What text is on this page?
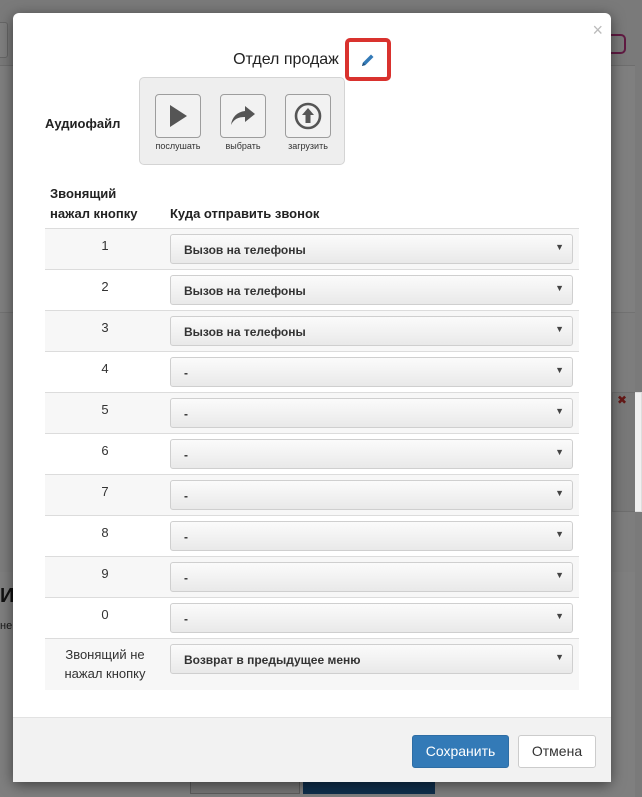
×
Отдел продаж
Аудиофайл
послушать	выбрать	загрузить
Звонящий
нажал кнопку	Куда отправить звонок
1	Вызов на телефоны	▼
2	Вызов на телефоны	▼
3	Вызов на телефоны	▼
4	-	▼
5	-	▼
6	-	▼
7	-	▼
8	-	▼
9	-	▼
0	-	▼
Звонящий не
нажал кнопку
Возврат в предыдущее меню	▼
Сохранить	Отмена
